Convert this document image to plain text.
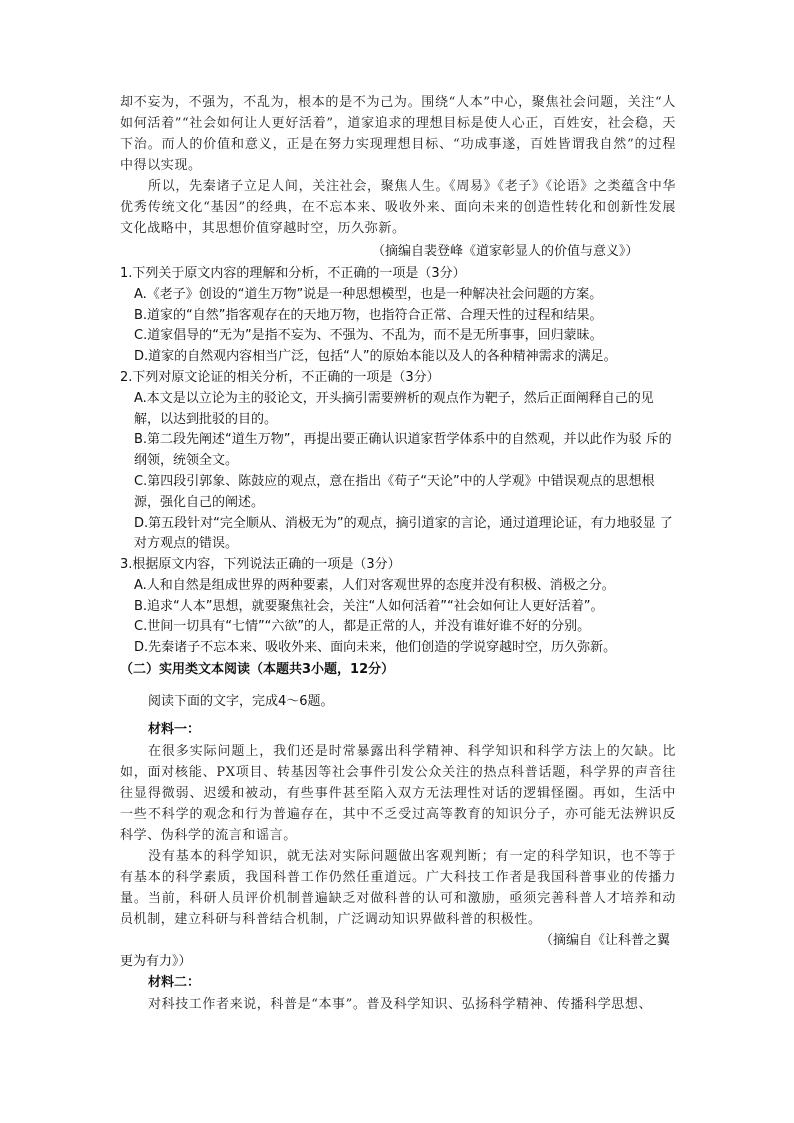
却不妄为，不强为，不乱为，根本的是不为己为。围绕“人本”中心，聚焦社会问题，关注“人如何活着”“社会如何让人更好活着”，道家追求的理想目标是使人心正，百姓安，社会稳，天下治。而人的价值和意义，正是在努力实现理想目标、“功成事遂，百姓皆谓我自然”的过程中得以实现。

所以，先秦诸子立足人间，关注社会，聚焦人生。《周易》《老子》《论语》之类蕴含中华优秀传统文化“基因”的经典，在不忘本来、吸收外来、面向未来的创造性转化和创新性发展文化战略中，其思想价值穿越时空，历久弥新。

（摘编自裴登峰《道家彰显人的价值与意义》）

1.下列关于原文内容的理解和分析，不正确的一项是（3分）

A.《老子》创设的“道生万物”说是一种思想模型，也是一种解决社会问题的方案。

B.道家的“自然”指客观存在的天地万物，也指符合正常、合理天性的过程和结果。

C.道家倡导的“无为”是指不妄为、不强为、不乱为，而不是无所事事，回归蒙昧。

D.道家的自然观内容相当广泛，包括“人”的原始本能以及人的各种精神需求的满足。

2.下列对原文论证的相关分析，不正确的一项是（3分）

A.本文是以立论为主的驳论文，开头摘引需要辨析的观点作为靶子，然后正面阐释自己的见解，以达到批驳的目的。

B.第二段先阐述“道生万物”，再提出要正确认识道家哲学体系中的自然观，并以此作为驳 斥的纲领，统领全文。

C.第四段引郭象、陈鼓应的观点，意在指出《荀子“天论”中的人学观》中错误观点的思想根 源，强化自己的阐述。

D.第五段针对“完全顺从、消极无为”的观点，摘引道家的言论，通过道理论证，有力地驳显 了对方观点的错误。

3.根据原文内容，下列说法正确的一项是（3分）

A.人和自然是组成世界的两种要素，人们对客观世界的态度并没有积极、消极之分。

B.追求“人本”思想，就要聚焦社会，关注“人如何活着”“社会如何让人更好活着”。

C.世间一切具有“七情”“六欲”的人，都是正常的人，并没有谁好谁不好的分别。

D.先秦诸子不忘本来、吸收外来、面向未来，他们创造的学说穿越时空，历久弥新。

（二）实用类文本阅读（本题共3小题，12分）

阅读下面的文字，完成4～6题。

材料一：

在很多实际问题上，我们还是时常暴露出科学精神、科学知识和科学方法上的欠缺。比如，面对核能、PX项目、转基因等社会事件引发公众关注的热点科普话题，科学界的声音往往显得微弱、迟缓和被动，有些事件甚至陷入双方无法理性对话的逻辑怪圈。再如，生活中一些不科学的观念和行为普遍存在，其中不乏受过高等教育的知识分子，亦可能无法辨识反科学、伪科学的流言和谣言。

没有基本的科学知识，就无法对实际问题做出客观判断；有一定的科学知识，也不等于有基本的科学素质，我国科普工作仍然任重道远。广大科技工作者是我国科普事业的传播力量。当前，科研人员评价机制普遍缺乏对做科普的认可和激励，亟须完善科普人才培养和动员机制，建立科研与科普结合机制，广泛调动知识界做科普的积极性。

（摘编自《让科普之翼

更为有力》）

材料二：

对科技工作者来说，科普是“本事”。普及科学知识、弘扬科学精神、传播科学思想、
